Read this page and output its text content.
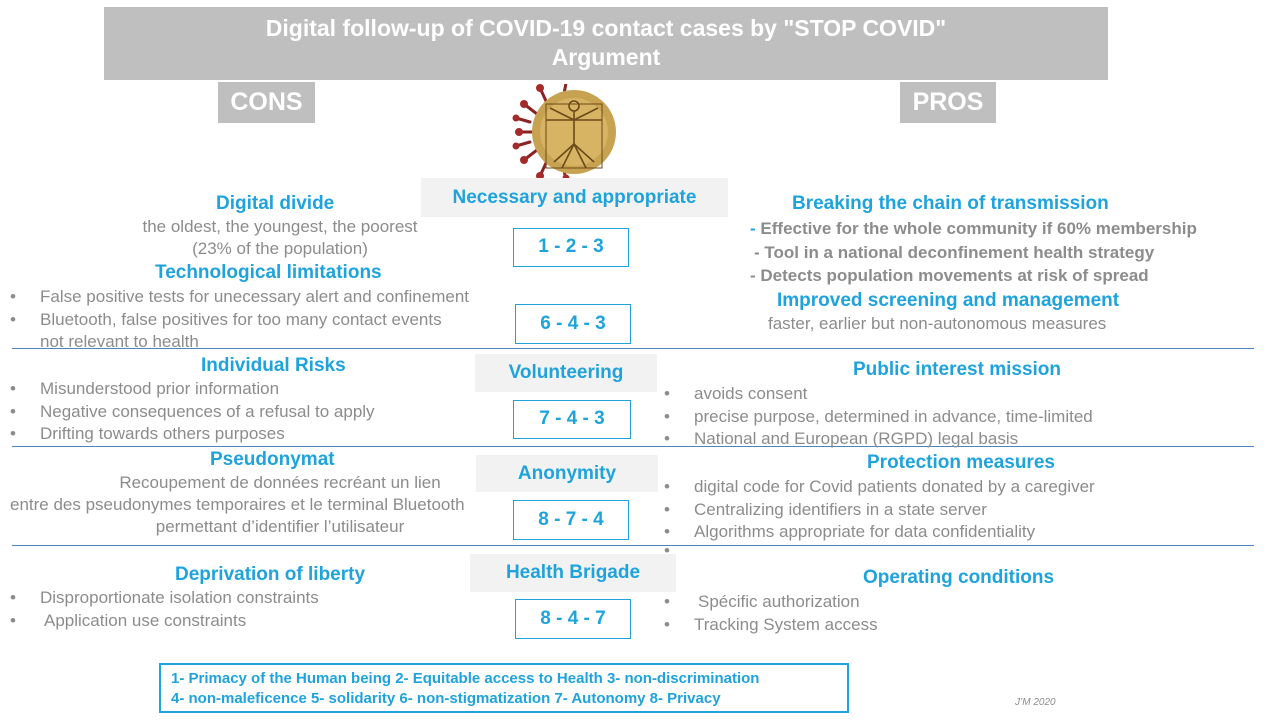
Digital follow-up of COVID-19 contact cases by "STOP COVID"
Argument
CONS	PROS
Necessary and appropriate
1 - 2 - 3
6 - 4 - 3
Volunteering
7 - 4 - 3
Anonymity
8 - 7 - 4
Health Brigade
8 - 4 - 7
Digital divide
the oldest, the youngest, the poorest
(23% of the population)
Technological limitations
• False positive tests for unecessary alert and confinement
• Bluetooth, false positives for too many contact events
not relevant to health
Individual Risks
• Misunderstood prior information
• Negative consequences of a refusal to apply
• Drifting towards others purposes
Pseudonymat
Recoupement de données recréant un lien
entre des pseudonymes temporaires et le terminal Bluetooth
permettant d’identifier l’utilisateur
Deprivation of liberty
• Disproportionate isolation constraints
• Application use constraints
Breaking the chain of transmission
- Effective for the whole community if 60% membership
- Tool in a national deconfinement health strategy
- Detects population movements at risk of spread
Improved screening and management
faster, earlier but non-autonomous measures
Public interest mission
• avoids consent
• precise purpose, determined in advance, time-limited
• National and European (RGPD) legal basis
Protection measures
• digital code for Covid patients donated by a caregiver
• Centralizing identifiers in a state server
• Algorithms appropriate for data confidentiality
Operating conditions
• Spécific authorization
• Tracking System access
1- Primacy of the Human being 2- Equitable access to Health 3- non-discrimination
4- non-maleficence 5- solidarity 6- non-stigmatization 7- Autonomy 8- Privacy	J’M 2020
